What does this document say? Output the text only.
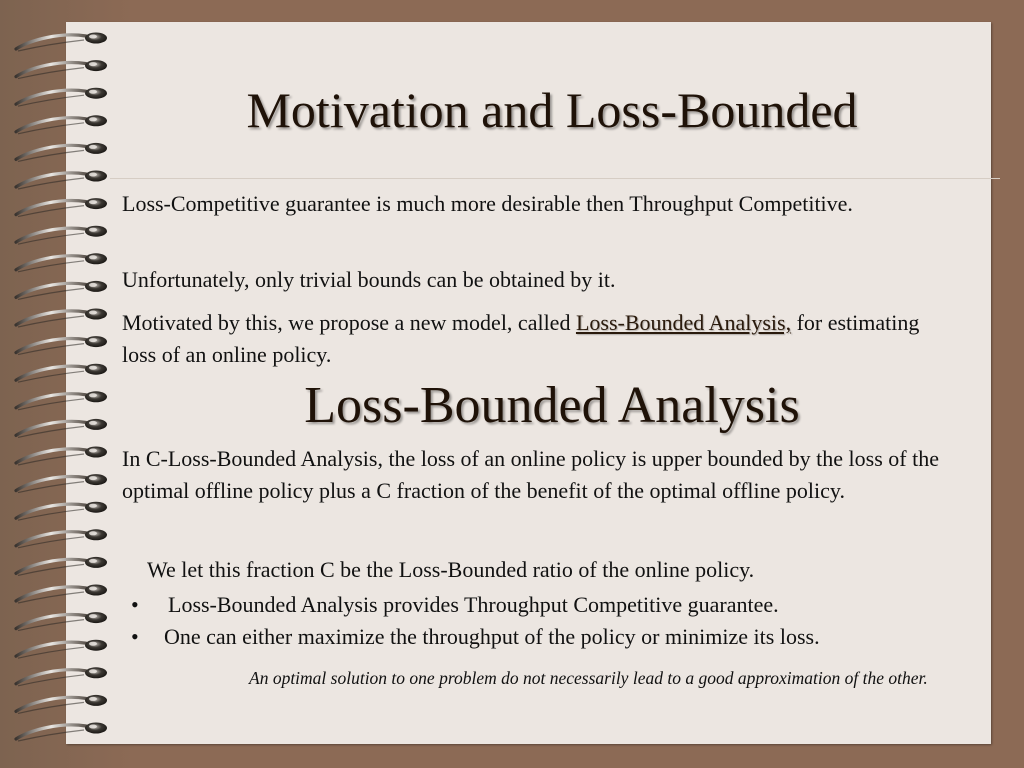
Motivation and Loss-Bounded
Loss-Competitive guarantee is much more desirable then Throughput Competitive.
Unfortunately, only trivial bounds can be obtained by it.
Motivated by this, we propose a new model, called Loss-Bounded Analysis, for estimating loss of an online policy.
Loss-Bounded Analysis
In C-Loss-Bounded Analysis, the loss of an online policy is upper bounded by the loss of the optimal offline policy plus a C fraction of the benefit of the optimal offline policy.
We let this fraction C be the Loss-Bounded ratio of the online policy.
• Loss-Bounded Analysis provides Throughput Competitive guarantee.
• One can either maximize the throughput of the policy or minimize its loss.
An optimal solution to one problem do not necessarily lead to a good approximation of the other.
